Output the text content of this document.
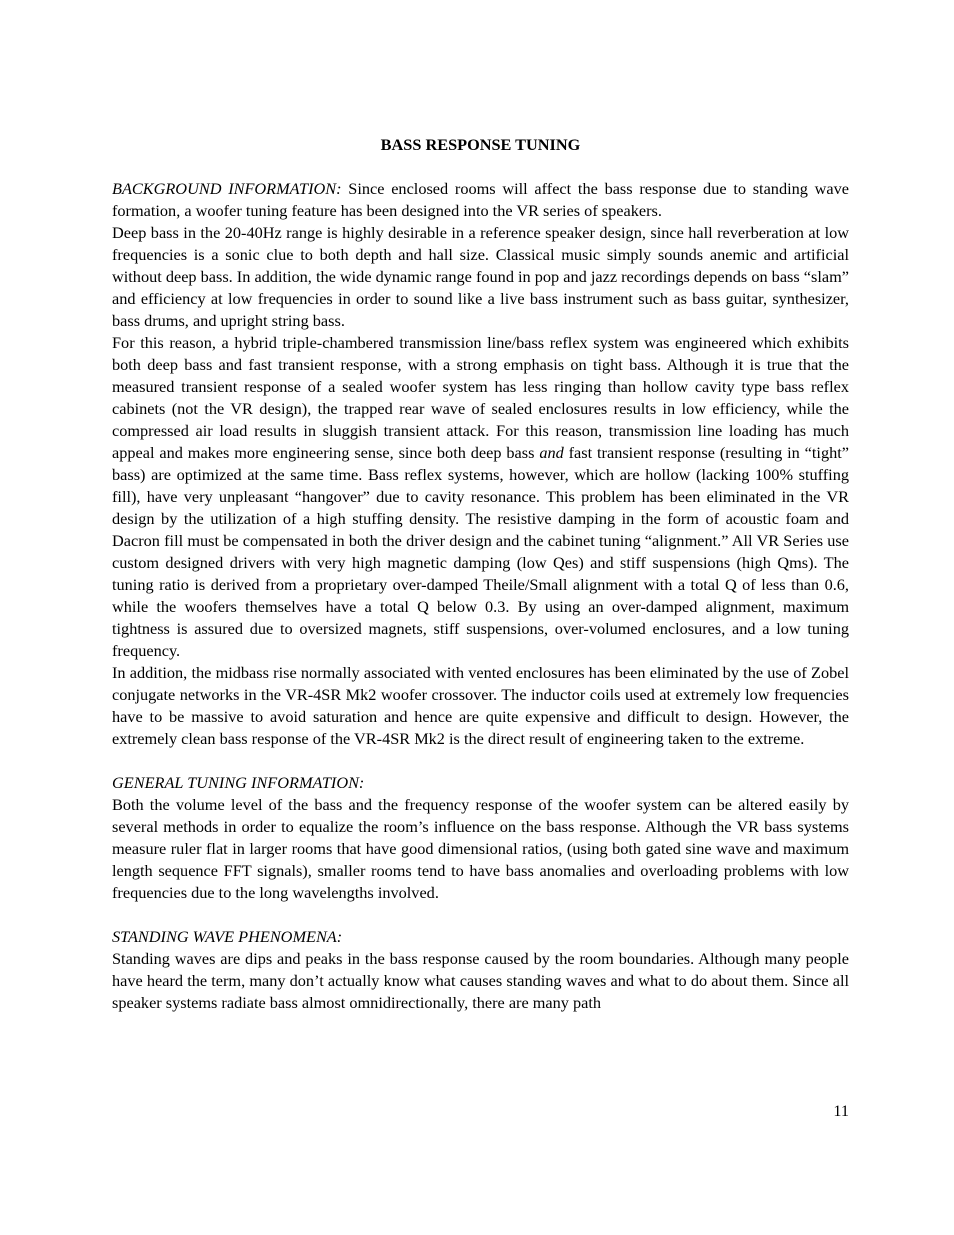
BASS RESPONSE TUNING

BACKGROUND INFORMATION: Since enclosed rooms will affect the bass response due to standing wave formation, a woofer tuning feature has been designed into the VR series of speakers.

Deep bass in the 20-40Hz range is highly desirable in a reference speaker design, since hall reverberation at low frequencies is a sonic clue to both depth and hall size. Classical music simply sounds anemic and artificial without deep bass. In addition, the wide dynamic range found in pop and jazz recordings depends on bass “slam” and efficiency at low frequencies in order to sound like a live bass instrument such as bass guitar, synthesizer, bass drums, and upright string bass.

For this reason, a hybrid triple-chambered transmission line/bass reflex system was engineered which exhibits both deep bass and fast transient response, with a strong emphasis on tight bass. Although it is true that the measured transient response of a sealed woofer system has less ringing than hollow cavity type bass reflex cabinets (not the VR design), the trapped rear wave of sealed enclosures results in low efficiency, while the compressed air load results in sluggish transient attack. For this reason, transmission line loading has much appeal and makes more engineering sense, since both deep bass and fast transient response (resulting in “tight” bass) are optimized at the same time. Bass reflex systems, however, which are hollow (lacking 100% stuffing fill), have very unpleasant “hangover” due to cavity resonance. This problem has been eliminated in the VR design by the utilization of a high stuffing density. The resistive damping in the form of acoustic foam and Dacron fill must be compensated in both the driver design and the cabinet tuning “alignment.” All VR Series use custom designed drivers with very high magnetic damping (low Qes) and stiff suspensions (high Qms). The tuning ratio is derived from a proprietary over-damped Theile/Small alignment with a total Q of less than 0.6, while the woofers themselves have a total Q below 0.3. By using an over-damped alignment, maximum tightness is assured due to oversized magnets, stiff suspensions, over-volumed enclosures, and a low tuning frequency.

In addition, the midbass rise normally associated with vented enclosures has been eliminated by the use of Zobel conjugate networks in the VR-4SR Mk2 woofer crossover. The inductor coils used at extremely low frequencies have to be massive to avoid saturation and hence are quite expensive and difficult to design. However, the extremely clean bass response of the VR-4SR Mk2 is the direct result of engineering taken to the extreme.

GENERAL TUNING INFORMATION:

Both the volume level of the bass and the frequency response of the woofer system can be altered easily by several methods in order to equalize the room’s influence on the bass response. Although the VR bass systems measure ruler flat in larger rooms that have good dimensional ratios, (using both gated sine wave and maximum length sequence FFT signals), smaller rooms tend to have bass anomalies and overloading problems with low frequencies due to the long wavelengths involved.

STANDING WAVE PHENOMENA:

Standing waves are dips and peaks in the bass response caused by the room boundaries. Although many people have heard the term, many don’t actually know what causes standing waves and what to do about them. Since all speaker systems radiate bass almost omnidirectionally, there are many path

11
